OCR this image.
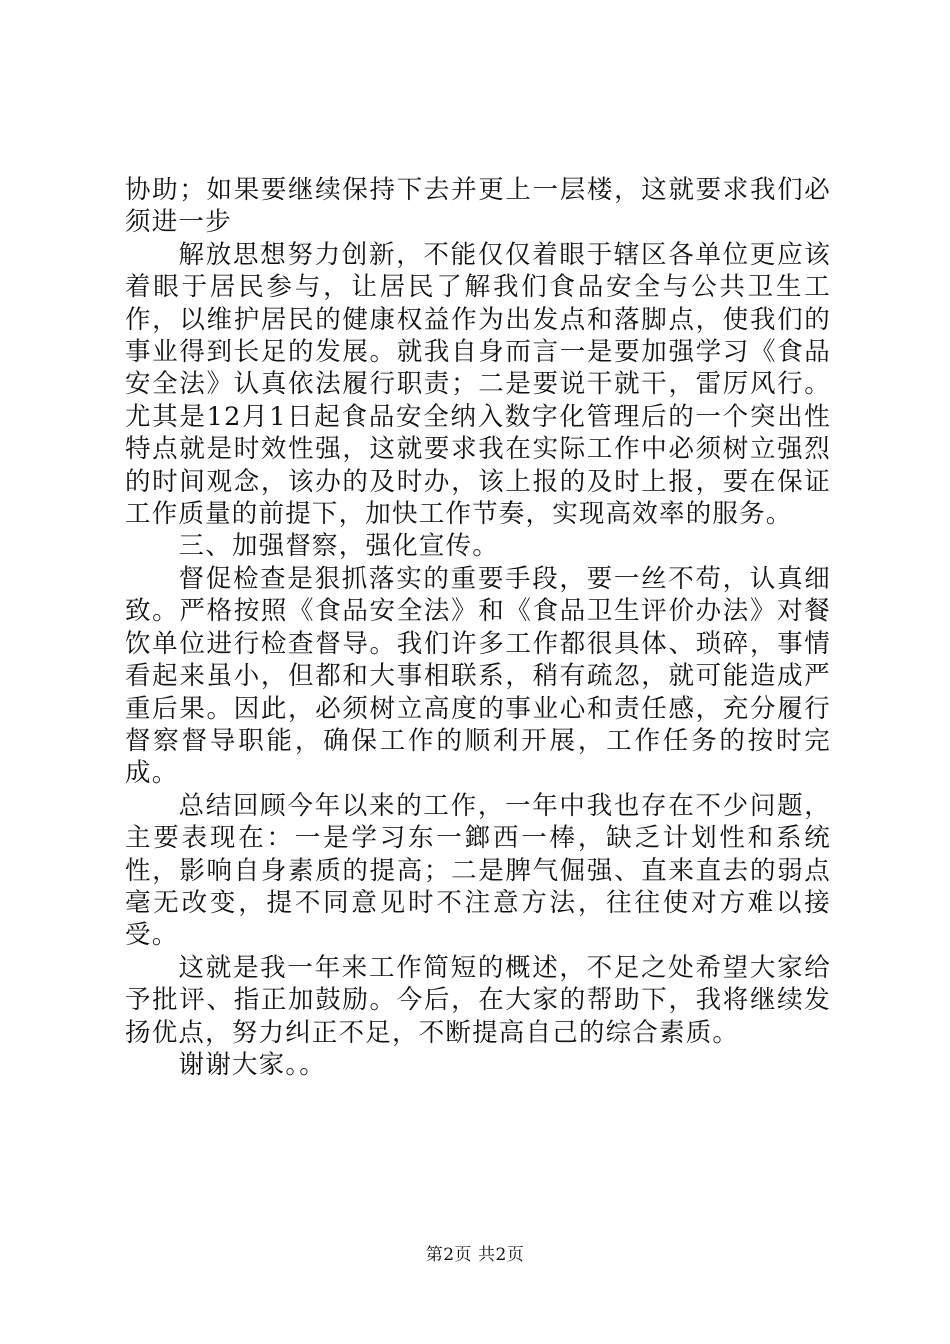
协助；如果要继续保持下去并更上一层楼，这就要求我们必须进一步

解放思想努力创新，不能仅仅着眼于辖区各单位更应该着眼于居民参与，让居民了解我们食品安全与公共卫生工作，以维护居民的健康权益作为出发点和落脚点，使我们的事业得到长足的发展。就我自身而言一是要加强学习《食品安全法》认真依法履行职责；二是要说干就干，雷厉风行。尤其是12月1日起食品安全纳入数字化管理后的一个突出性特点就是时效性强，这就要求我在实际工作中必须树立强烈的时间观念，该办的及时办，该上报的及时上报，要在保证工作质量的前提下，加快工作节奏，实现高效率的服务。

三、加强督察，强化宣传。

督促检查是狠抓落实的重要手段，要一丝不苟，认真细致。严格按照《食品安全法》和《食品卫生评价办法》对餐饮单位进行检查督导。我们许多工作都很具体、琐碎，事情看起来虽小，但都和大事相联系，稍有疏忽，就可能造成严重后果。因此，必须树立高度的事业心和责任感，充分履行督察督导职能，确保工作的顺利开展，工作任务的按时完成。

总结回顾今年以来的工作，一年中我也存在不少问题，主要表现在：一是学习东一鎯西一棒，缺乏计划性和系统性，影响自身素质的提高；二是脾气倔强、直来直去的弱点毫无改变，提不同意见时不注意方法，往往使对方难以接受。

这就是我一年来工作简短的概述，不足之处希望大家给予批评、指正加鼓励。今后，在大家的帮助下，我将继续发扬优点，努力纠正不足，不断提高自己的综合素质。

谢谢大家。。

第2页 共2页
